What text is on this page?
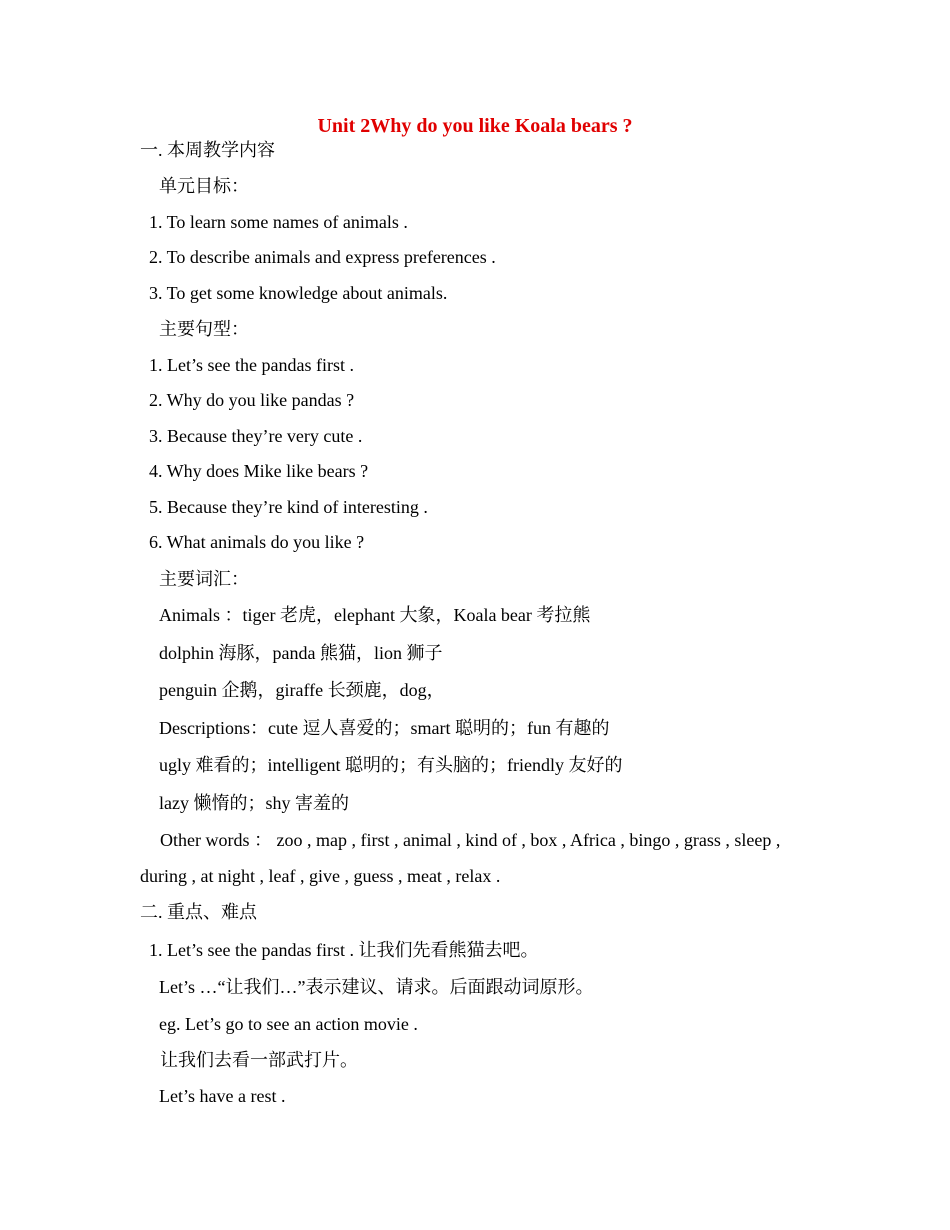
Unit 2Why do you like Koala bears ?
一. 本周教学内容
单元目标：
1. To learn some names of animals .
2. To describe animals and express preferences .
3. To get some knowledge about animals.
主要句型：
1. Let’s see the pandas first .
2. Why do you like pandas ?
3. Because they’re very cute .
4. Why does Mike like bears ?
5. Because they’re kind of interesting .
6. What animals do you like ?
主要词汇：
Animals ：tiger 老虎，elephant 大象，Koala bear 考拉熊
dolphin 海豚，panda 熊猫，lion 狮子
penguin 企鹅，giraffe 长颈鹿，dog，
Descriptions：cute 逗人喜爱的；smart 聪明的；fun 有趣的
ugly 难看的；intelligent 聪明的；有头脑的；friendly 友好的
lazy 懒惰的；shy 害羞的
Other words ： zoo , map , first , animal , kind of , box , Africa , bingo , grass , sleep ,
during , at night , leaf , give , guess , meat , relax .
二. 重点、难点
1. Let’s see the pandas first . 让我们先看熊猫去吧。
Let’s …“让我们…”表示建议、请求。后面跟动词原形。
eg. Let’s go to see an action movie .
让我们去看一部武打片。
Let’s have a rest .
